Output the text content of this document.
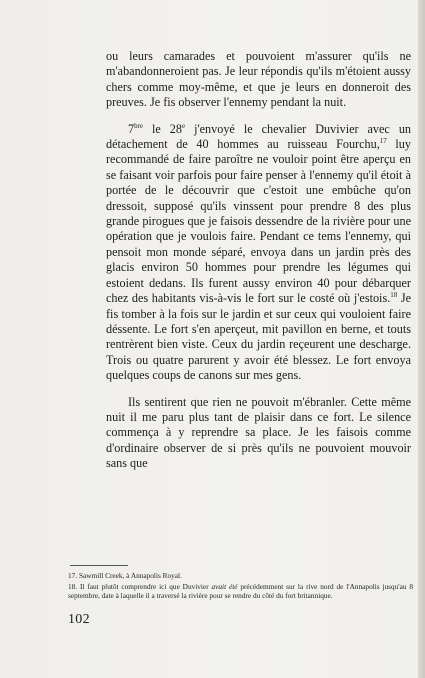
ou leurs camarades et pouvoient m'assurer qu'ils ne m'abandonneroient pas. Je leur répondis qu'ils m'étoient aussy chers comme moy-même, et que je leurs en donneroit des preuves. Je fis observer l'ennemy pendant la nuit.

$7^{bre}$ le 28e j'envoyé le chevalier Duvivier avec un détachement de 40 hommes au ruisseau Fourchu,$^{17}$ luy recommandé de faire paroître ne vouloir point être aperçu en se faisant voir parfois pour faire penser à l'ennemy qu'il étoit à portée de le découvrir que c'estoit une embûche qu'on dressoit, supposé qu'ils vinssent pour prendre 8 des plus grande pirogues que je faisois dessendre de la rivière pour une opération que je voulois faire. Pendant ce tems l'ennemy, qui pensoit mon monde séparé, envoya dans un jardin près des glacis environ 50 hommes pour prendre les légumes qui estoient dedans. Ils furent aussy environ 40 pour débarquer chez des habitants vis-à-vis le fort sur le costé où j'estois.$^{18}$ Je fis tomber à la fois sur le jardin et sur ceux qui vouloient faire déssente. Le fort s'en aperçeut, mit pavillon en berne, et touts rentrèrent bien viste. Ceux du jardin reçeurent une descharge. Trois ou quatre parurent y avoir été blessez. Le fort envoya quelques coups de canons sur mes gens.

Ils sentirent que rien ne pouvoit m'ébranler. Cette même nuit il me paru plus tant de plaisir dans ce fort. Le silence commença à y reprendre sa place. Je les faisois comme d'ordinaire observer de si près qu'ils ne pouvoient mouvoir sans que

17. Sawmill Creek, à Annapolis Royal.

18. Il faut plutôt comprendre ici que Duvivier avait été précédemment sur la rive nord de l'Annapolis jusqu'au 8 septembre, date à laquelle il a traversé la rivière pour se rendre du côté du fort britannique.

102
